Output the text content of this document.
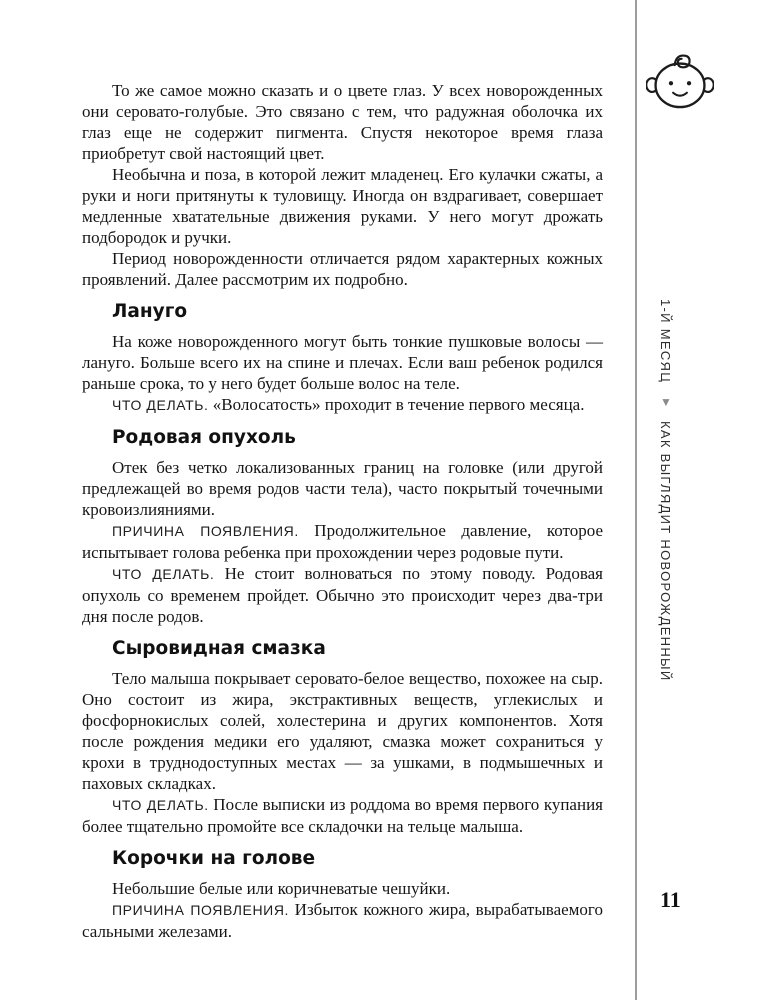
То же самое можно сказать и о цвете глаз. У всех новорожденных они серовато-голубые. Это связано с тем, что радужная оболочка их глаз еще не содержит пигмента. Спустя некоторое время глаза приобретут свой настоящий цвет.

Необычна и поза, в которой лежит младенец. Его кулачки сжаты, а руки и ноги притянуты к туловищу. Иногда он вздрагивает, совершает медленные хватательные движения руками. У него могут дрожать подбородок и ручки.

Период новорожденности отличается рядом характерных кожных проявлений. Далее рассмотрим их подробно.

Лануго

На коже новорожденного могут быть тонкие пушковые волосы — лануго. Больше всего их на спине и плечах. Если ваш ребенок родился раньше срока, то у него будет больше волос на теле.

ЧТО ДЕЛАТЬ. «Волосатость» проходит в течение первого месяца.

Родовая опухоль

Отек без четко локализованных границ на головке (или другой предлежащей во время родов части тела), часто покрытый точечными кровоизлияниями.

ПРИЧИНА ПОЯВЛЕНИЯ. Продолжительное давление, которое испытывает голова ребенка при прохождении через родовые пути.

ЧТО ДЕЛАТЬ. Не стоит волноваться по этому поводу. Родовая опухоль со временем пройдет. Обычно это происходит через два-три дня после родов.

Сыровидная смазка

Тело малыша покрывает серовато-белое вещество, похожее на сыр. Оно состоит из жира, экстрактивных веществ, углекислых и фосфорнокислых солей, холестерина и других компонентов. Хотя после рождения медики его удаляют, смазка может сохраниться у крохи в труднодоступных местах — за ушками, в подмышечных и паховых складках.

ЧТО ДЕЛАТЬ. После выписки из роддома во время первого купания более тщательно промойте все складочки на тельце малыша.

Корочки на голове

Небольшие белые или коричневатые чешуйки.

ПРИЧИНА ПОЯВЛЕНИЯ. Избыток кожного жира, вырабатываемого сальными железами.

1-Й МЕСЯЦ
▼
КАК ВЫГЛЯДИТ НОВОРОЖДЕННЫЙ
11
